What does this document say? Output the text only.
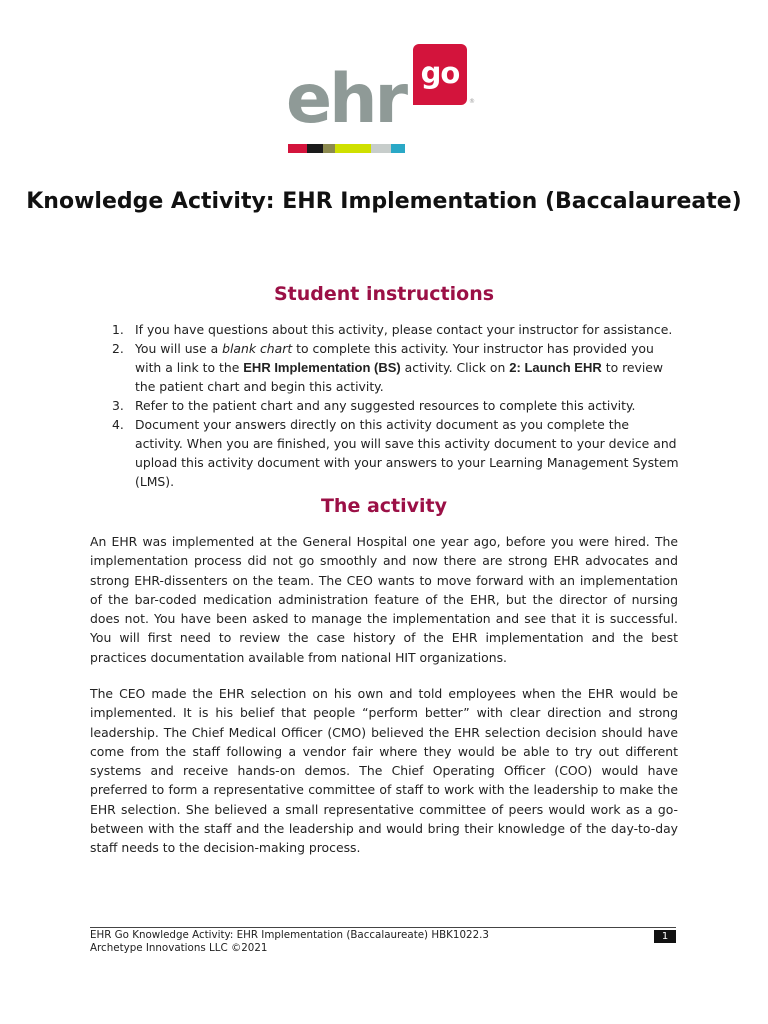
ehr go
®
Knowledge Activity: EHR Implementation (Baccalaureate)
Student instructions
1. If you have questions about this activity, please contact your instructor for assistance.
2. You will use a blank chart to complete this activity. Your instructor has provided you with a link to the EHR Implementation (BS) activity. Click on 2: Launch EHR to review the patient chart and begin this activity.
3. Refer to the patient chart and any suggested resources to complete this activity.
4. Document your answers directly on this activity document as you complete the activity. When you are finished, you will save this activity document to your device and upload this activity document with your answers to your Learning Management System (LMS).
The activity

An EHR was implemented at the General Hospital one year ago, before you were hired. The implementation process did not go smoothly and now there are strong EHR advocates and strong EHR-dissenters on the team. The CEO wants to move forward with an implementation of the bar-coded medication administration feature of the EHR, but the director of nursing does not. You have been asked to manage the implementation and see that it is successful. You will first need to review the case history of the EHR implementation and the best practices documentation available from national HIT organizations.

The CEO made the EHR selection on his own and told employees when the EHR would be implemented. It is his belief that people “perform better” with clear direction and strong leadership. The Chief Medical Officer (CMO) believed the EHR selection decision should have come from the staff following a vendor fair where they would be able to try out different systems and receive hands-on demos. The Chief Operating Officer (COO) would have preferred to form a representative committee of staff to work with the leadership to make the EHR selection. She believed a small representative committee of peers would work as a go-between with the staff and the leadership and would bring their knowledge of the day-to-day staff needs to the decision-making process.

EHR Go Knowledge Activity: EHR Implementation (Baccalaureate) HBK1022.3
Archetype Innovations LLC ©2021
1
